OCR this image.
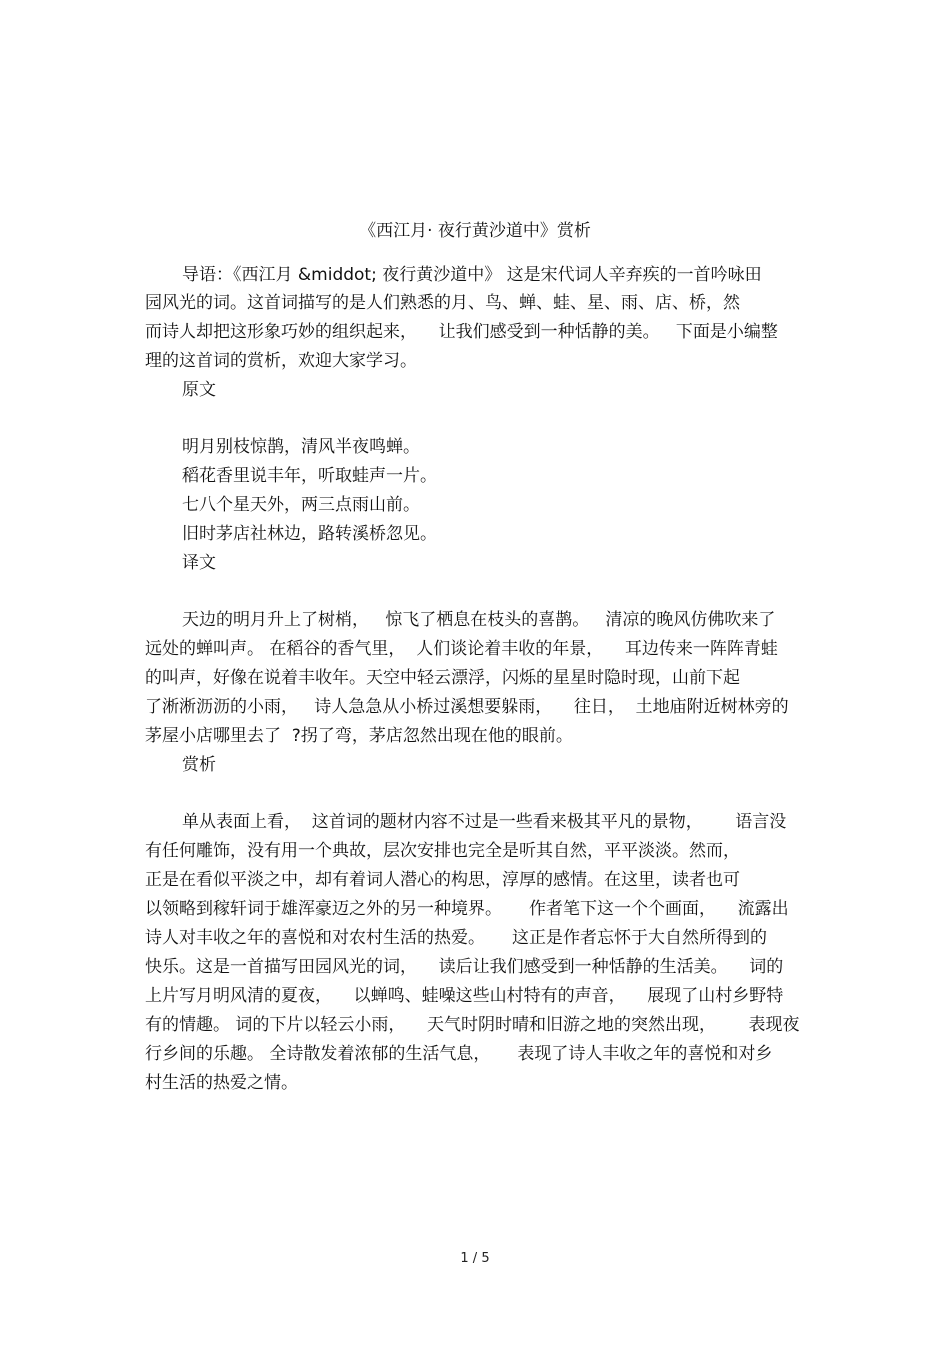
《西江月· 夜行黄沙道中》赏析
导语：《西江月 &middot; 夜行黄沙道中》 这是宋代词人辛弃疾的一首吟咏田
园风光的词。这首词描写的是人们熟悉的月、鸟、蝉、蛙、星、雨、店、桥，然
而诗人却把这形象巧妙的组织起来，    让我们感受到一种恬静的美。   下面是小编整
理的这首词的赏析，欢迎大家学习。
原文
明月别枝惊鹊，清风半夜鸣蝉。
稻花香里说丰年，听取蛙声一片。
七八个星天外，两三点雨山前。
旧时茅店社林边，路转溪桥忽见。
译文
天边的明月升上了树梢，   惊飞了栖息在枝头的喜鹊。   清凉的晚风仿佛吹来了
远处的蝉叫声。 在稻谷的香气里，  人们谈论着丰收的年景，    耳边传来一阵阵青蛙
的叫声，好像在说着丰收年。天空中轻云漂浮，闪烁的星星时隐时现，山前下起
了淅淅沥沥的小雨，   诗人急急从小桥过溪想要躲雨，    往日，  土地庙附近树林旁的
茅屋小店哪里去了  ?拐了弯，茅店忽然出现在他的眼前。
赏析
单从表面上看，  这首词的题材内容不过是一些看来极其平凡的景物，      语言没
有任何雕饰，没有用一个典故，层次安排也完全是听其自然，平平淡淡。然而，
正是在看似平淡之中，却有着词人潜心的构思，淳厚的感情。在这里，读者也可
以领略到稼轩词于雄浑豪迈之外的另一种境界。     作者笔下这一个个画面，    流露出
诗人对丰收之年的喜悦和对农村生活的热爱。     这正是作者忘怀于大自然所得到的
快乐。这是一首描写田园风光的词，    读后让我们感受到一种恬静的生活美。    词的
上片写月明风清的夏夜，    以蝉鸣、蛙噪这些山村特有的声音，    展现了山村乡野特
有的情趣。 词的下片以轻云小雨，    天气时阴时晴和旧游之地的突然出现，      表现夜
行乡间的乐趣。 全诗散发着浓郁的生活气息，     表现了诗人丰收之年的喜悦和对乡
村生活的热爱之情。
1 / 5
